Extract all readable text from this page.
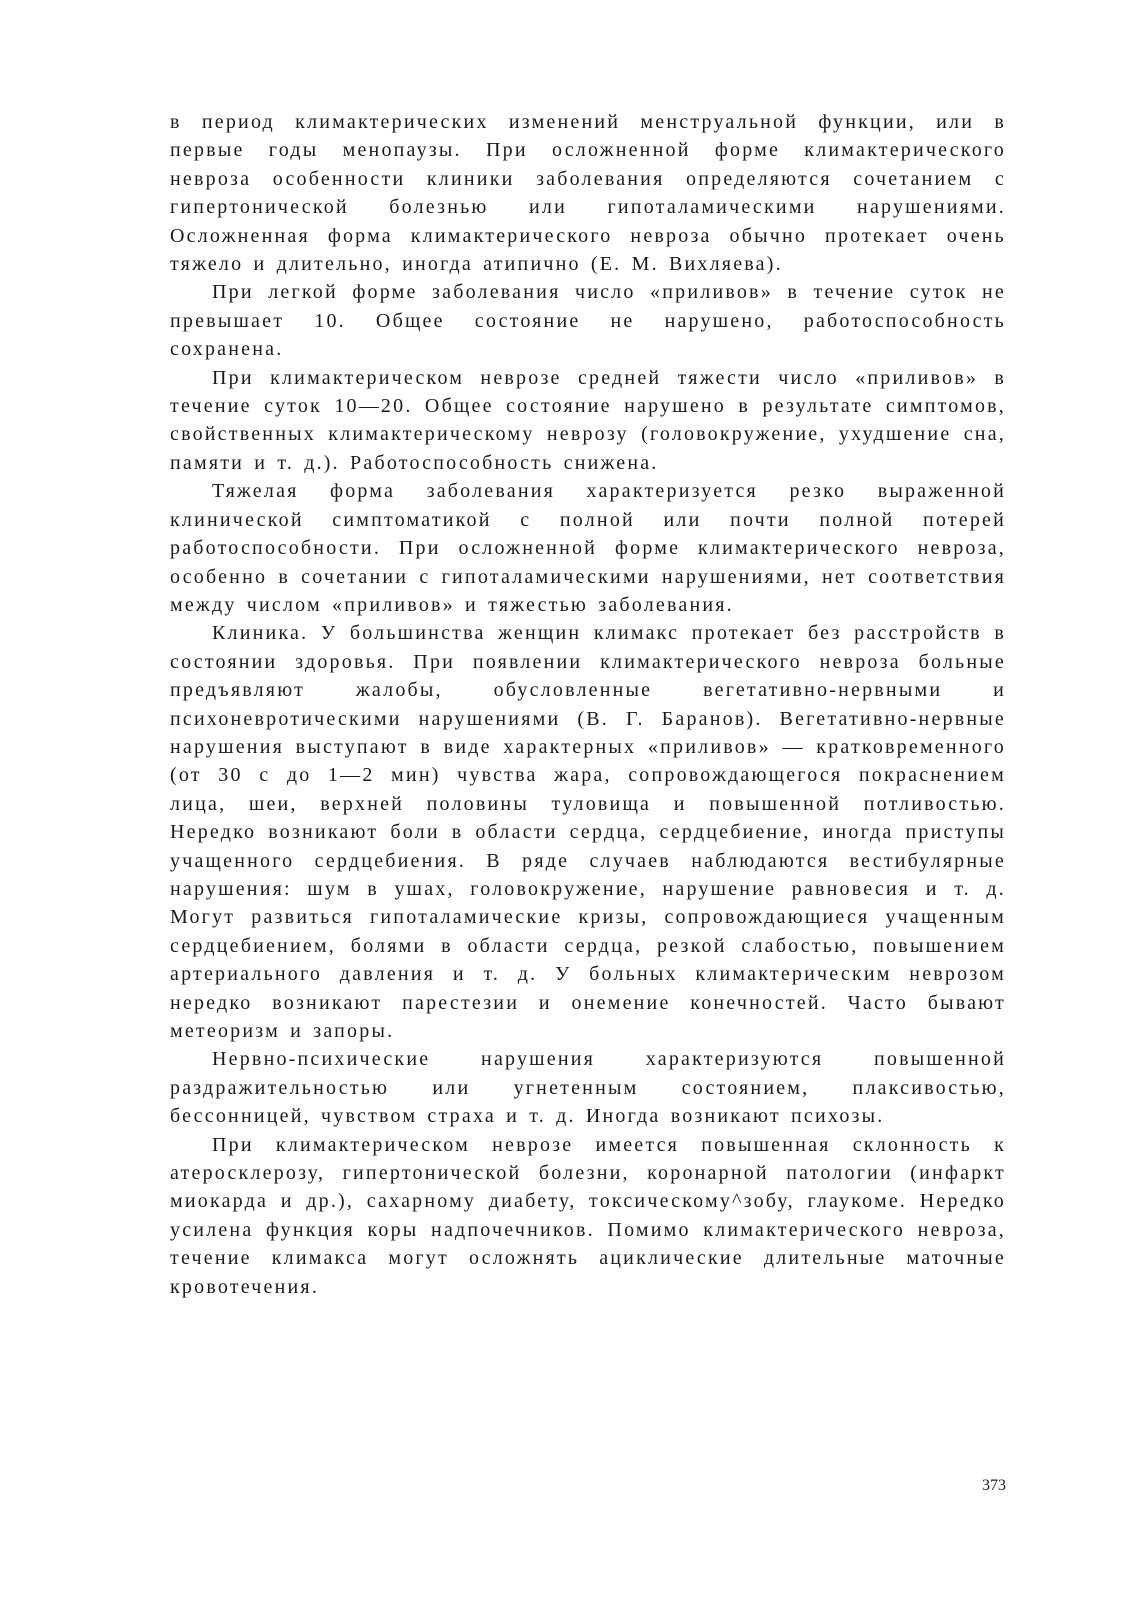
в период климактерических изменений менструальной функции, или в первые годы менопаузы. При осложненной форме климактерического невроза особенности клиники заболевания определяются сочетанием с гипертонической болезнью или гипоталамическими нарушениями. Осложненная форма климактерического невроза обычно протекает очень тяжело и длительно, иногда атипично (Е. М. Вихляева).

При легкой форме заболевания число «приливов» в течение суток не превышает 10. Общее состояние не нарушено, работоспособность сохранена.

При климактерическом неврозе средней тяжести число «приливов» в течение суток 10—20. Общее состояние нарушено в результате симптомов, свойственных климактерическому неврозу (головокружение, ухудшение сна, памяти и т. д.). Работоспособность снижена.

Тяжелая форма заболевания характеризуется резко выраженной клинической симптоматикой с полной или почти полной потерей работоспособности. При осложненной форме климактерического невроза, особенно в сочетании с гипоталамическими нарушениями, нет соответствия между числом «приливов» и тяжестью заболевания.

Клиника. У большинства женщин климакс протекает без расстройств в состоянии здоровья. При появлении климактерического невроза больные предъявляют жалобы, обусловленные вегетативно-нервными и психоневротическими нарушениями (В. Г. Баранов). Вегетативно-нервные нарушения выступают в виде характерных «приливов» — кратковременного (от 30 с до 1—2 мин) чувства жара, сопровождающегося покраснением лица, шеи, верхней половины туловища и повышенной потливостью. Нередко возникают боли в области сердца, сердцебиение, иногда приступы учащенного сердцебиения. В ряде случаев наблюдаются вестибулярные нарушения: шум в ушах, головокружение, нарушение равновесия и т. д. Могут развиться гипоталамические кризы, сопровождающиеся учащенным сердцебиением, болями в области сердца, резкой слабостью, повышением артериального давления и т. д. У больных климактерическим неврозом нередко возникают парестезии и онемение конечностей. Часто бывают метеоризм и запоры.

Нервно-психические нарушения характеризуются повышенной раздражительностью или угнетенным состоянием, плаксивостью, бессонницей, чувством страха и т. д. Иногда возникают психозы.

При климактерическом неврозе имеется повышенная склонность к атеросклерозу, гипертонической болезни, коронарной патологии (инфаркт миокарда и др.), сахарному диабету, токсическому^зобу, глаукоме. Нередко усилена функция коры надпочечников. Помимо климактерического невроза, течение климакса могут осложнять ациклические длительные маточные кровотечения.

373
